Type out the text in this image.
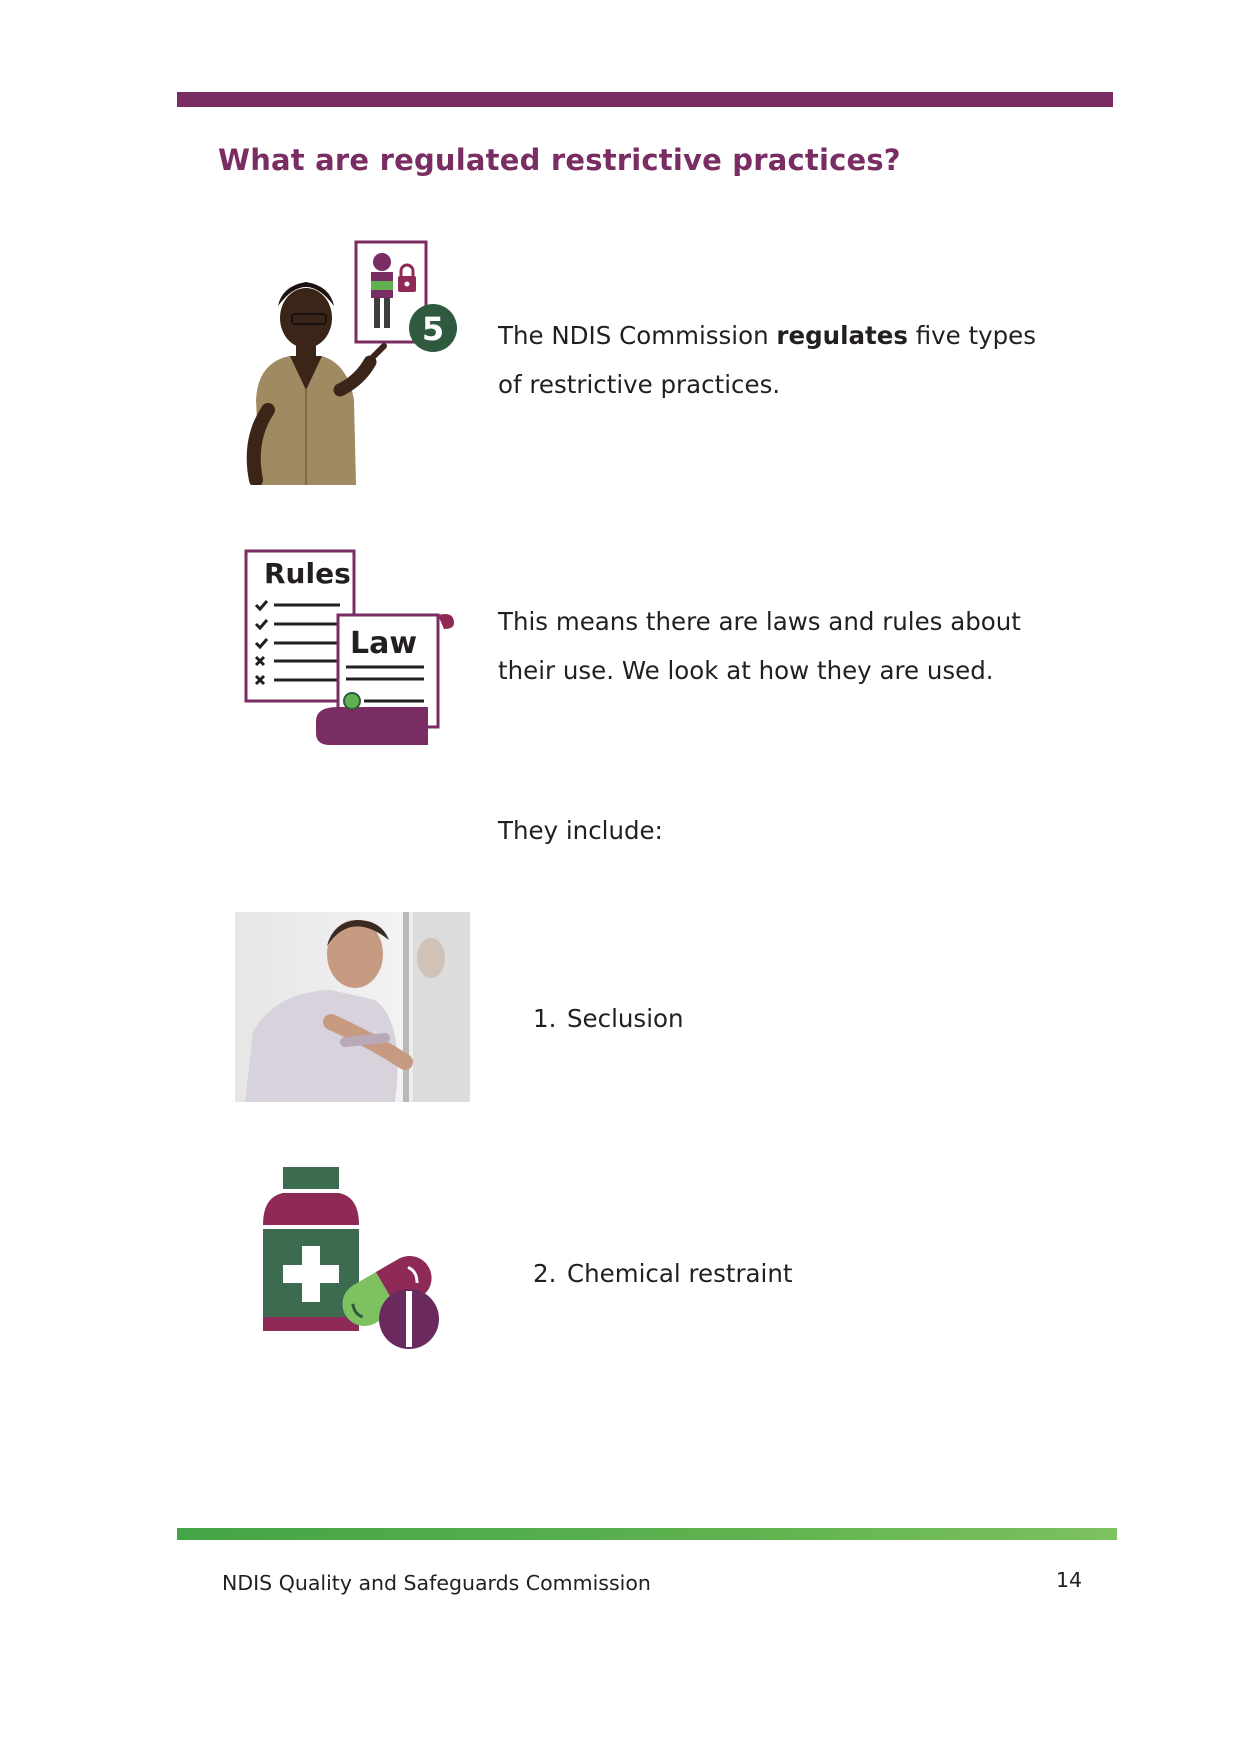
What are regulated restrictive practices?
5 The NDIS Commission regulates five types of restrictive practices.
Rules
Law
This means there are laws and rules about their use. We look at how they are used.
They include:
1. Seclusion
2. Chemical restraint
NDIS Quality and Safeguards Commission	14
